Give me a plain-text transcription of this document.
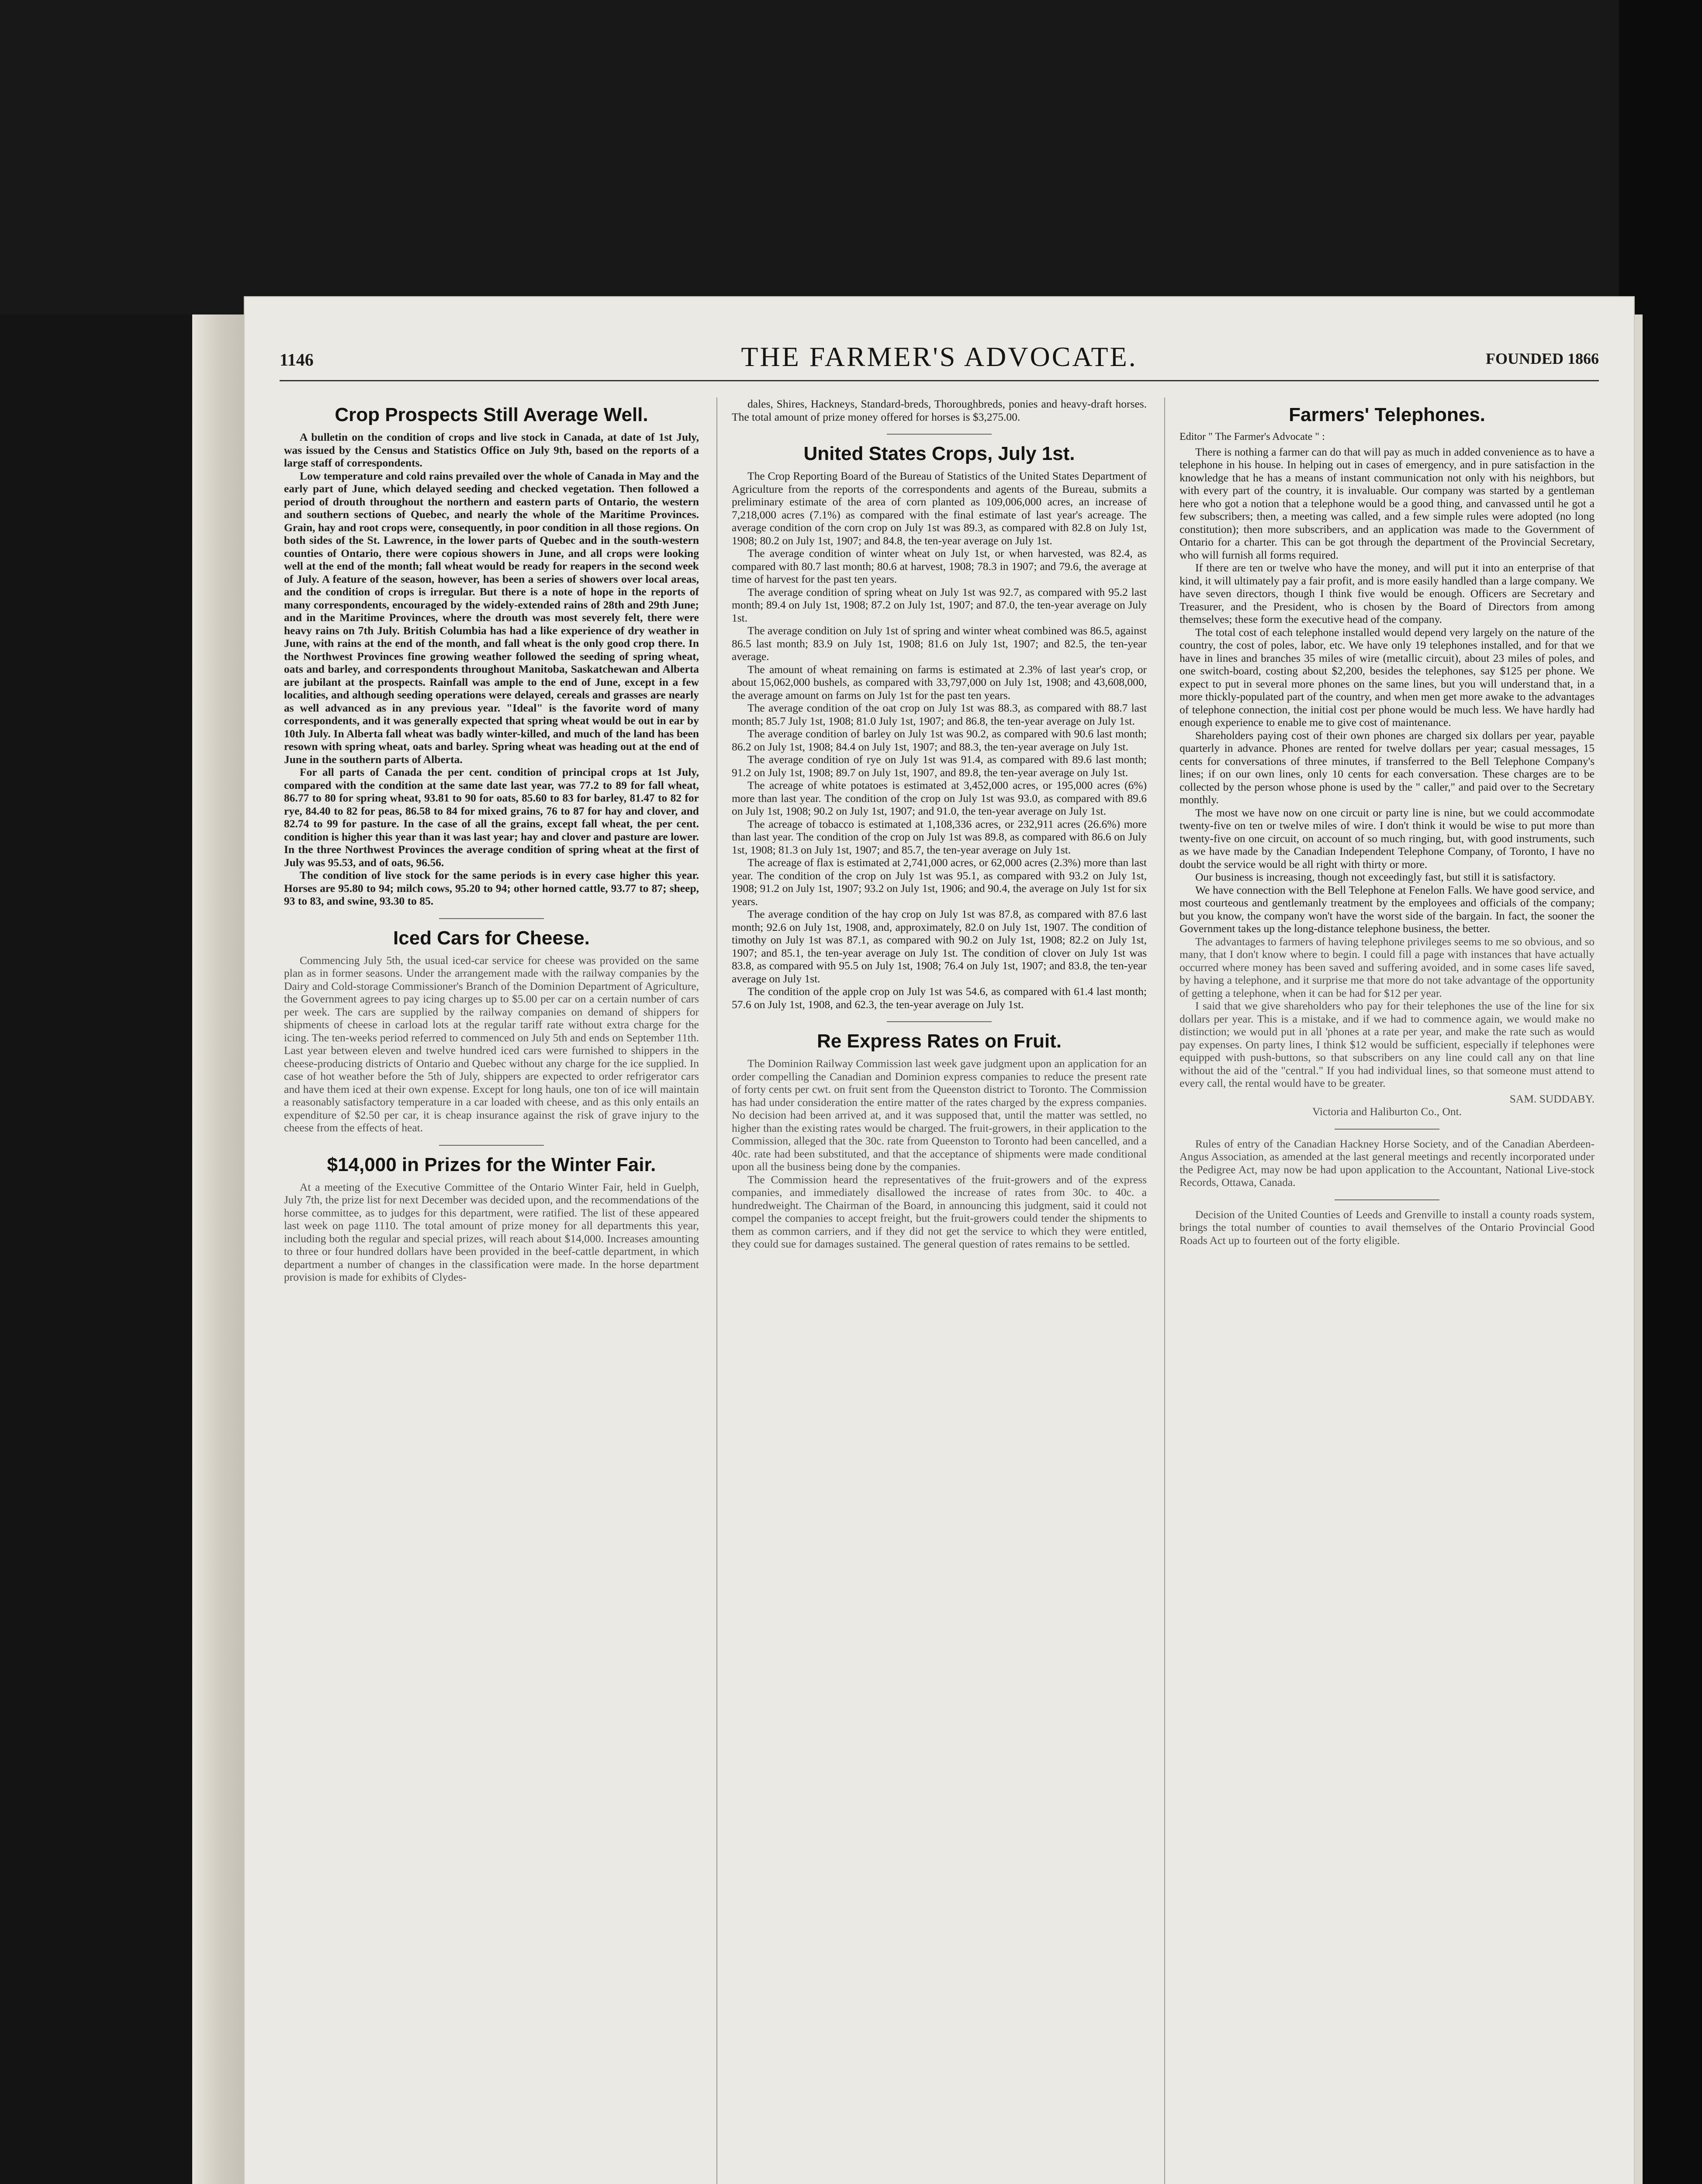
1146	THE FARMER'S ADVOCATE.	FOUNDED 1866
Crop Prospects Still Average Well.

A bulletin on the condition of crops and live stock in Canada, at date of 1st July, was issued by the Census and Statistics Office on July 9th, based on the reports of a large staff of correspondents.

Low temperature and cold rains prevailed over the whole of Canada in May and the early part of June, which delayed seeding and checked vegetation. Then followed a period of drouth throughout the northern and eastern parts of Ontario, the western and southern sections of Quebec, and nearly the whole of the Maritime Provinces. Grain, hay and root crops were, consequently, in poor condition in all those regions. On both sides of the St. Lawrence, in the lower parts of Quebec and in the south-western counties of Ontario, there were copious showers in June, and all crops were looking well at the end of the month; fall wheat would be ready for reapers in the second week of July. A feature of the season, however, has been a series of showers over local areas, and the condition of crops is irregular. But there is a note of hope in the reports of many correspondents, encouraged by the widely-extended rains of 28th and 29th June; and in the Maritime Provinces, where the drouth was most severely felt, there were heavy rains on 7th July. British Columbia has had a like experience of dry weather in June, with rains at the end of the month, and fall wheat is the only good crop there. In the Northwest Provinces fine growing weather followed the seeding of spring wheat, oats and barley, and correspondents throughout Manitoba, Saskatchewan and Alberta are jubilant at the prospects. Rainfall was ample to the end of June, except in a few localities, and although seeding operations were delayed, cereals and grasses are nearly as well advanced as in any previous year. "Ideal" is the favorite word of many correspondents, and it was generally expected that spring wheat would be out in ear by 10th July. In Alberta fall wheat was badly winter-killed, and much of the land has been resown with spring wheat, oats and barley. Spring wheat was heading out at the end of June in the southern parts of Alberta.

For all parts of Canada the per cent. condition of principal crops at 1st July, compared with the condition at the same date last year, was 77.2 to 89 for fall wheat, 86.77 to 80 for spring wheat, 93.81 to 90 for oats, 85.60 to 83 for barley, 81.47 to 82 for rye, 84.40 to 82 for peas, 86.58 to 84 for mixed grains, 76 to 87 for hay and clover, and 82.74 to 99 for pasture. In the case of all the grains, except fall wheat, the per cent. condition is higher this year than it was last year; hay and clover and pasture are lower. In the three Northwest Provinces the average condition of spring wheat at the first of July was 95.53, and of oats, 96.56.

The condition of live stock for the same periods is in every case higher this year. Horses are 95.80 to 94; milch cows, 95.20 to 94; other horned cattle, 93.77 to 87; sheep, 93 to 83, and swine, 93.30 to 85.

Iced Cars for Cheese.

Commencing July 5th, the usual iced-car service for cheese was provided on the same plan as in former seasons. Under the arrangement made with the railway companies by the Dairy and Cold-storage Commissioner's Branch of the Dominion Department of Agriculture, the Government agrees to pay icing charges up to $5.00 per car on a certain number of cars per week. The cars are supplied by the railway companies on demand of shippers for shipments of cheese in carload lots at the regular tariff rate without extra charge for the icing. The ten-weeks period referred to commenced on July 5th and ends on September 11th. Last year between eleven and twelve hundred iced cars were furnished to shippers in the cheese-producing districts of Ontario and Quebec without any charge for the ice supplied. In case of hot weather before the 5th of July, shippers are expected to order refrigerator cars and have them iced at their own expense. Except for long hauls, one ton of ice will maintain a reasonably satisfactory temperature in a car loaded with cheese, and as this only entails an expenditure of $2.50 per car, it is cheap insurance against the risk of grave injury to the cheese from the effects of heat.

$14,000 in Prizes for the Winter Fair.

At a meeting of the Executive Committee of the Ontario Winter Fair, held in Guelph, July 7th, the prize list for next December was decided upon, and the recommendations of the horse committee, as to judges for this department, were ratified. The list of these appeared last week on page 1110. The total amount of prize money for all departments this year, including both the regular and special prizes, will reach about $14,000. Increases amounting to three or four hundred dollars have been provided in the beef-cattle department, in which department a number of changes in the classification were made. In the horse department provision is made for exhibits of Clydes-

dales, Shires, Hackneys, Standard-breds, Thoroughbreds, ponies and heavy-draft horses. The total amount of prize money offered for horses is $3,275.00.

United States Crops, July 1st.

The Crop Reporting Board of the Bureau of Statistics of the United States Department of Agriculture from the reports of the correspondents and agents of the Bureau, submits a preliminary estimate of the area of corn planted as 109,006,000 acres, an increase of 7,218,000 acres (7.1%) as compared with the final estimate of last year's acreage. The average condition of the corn crop on July 1st was 89.3, as compared with 82.8 on July 1st, 1908; 80.2 on July 1st, 1907; and 84.8, the ten-year average on July 1st.

The average condition of winter wheat on July 1st, or when harvested, was 82.4, as compared with 80.7 last month; 80.6 at harvest, 1908; 78.3 in 1907; and 79.6, the average at time of harvest for the past ten years.

The average condition of spring wheat on July 1st was 92.7, as compared with 95.2 last month; 89.4 on July 1st, 1908; 87.2 on July 1st, 1907; and 87.0, the ten-year average on July 1st.

The average condition on July 1st of spring and winter wheat combined was 86.5, against 86.5 last month; 83.9 on July 1st, 1908; 81.6 on July 1st, 1907; and 82.5, the ten-year average.

The amount of wheat remaining on farms is estimated at 2.3% of last year's crop, or about 15,062,000 bushels, as compared with 33,797,000 on July 1st, 1908; and 43,608,000, the average amount on farms on July 1st for the past ten years.

The average condition of the oat crop on July 1st was 88.3, as compared with 88.7 last month; 85.7 July 1st, 1908; 81.0 July 1st, 1907; and 86.8, the ten-year average on July 1st.

The average condition of barley on July 1st was 90.2, as compared with 90.6 last month; 86.2 on July 1st, 1908; 84.4 on July 1st, 1907; and 88.3, the ten-year average on July 1st.

The average condition of rye on July 1st was 91.4, as compared with 89.6 last month; 91.2 on July 1st, 1908; 89.7 on July 1st, 1907, and 89.8, the ten-year average on July 1st.

The acreage of white potatoes is estimated at 3,452,000 acres, or 195,000 acres (6%) more than last year. The condition of the crop on July 1st was 93.0, as compared with 89.6 on July 1st, 1908; 90.2 on July 1st, 1907; and 91.0, the ten-year average on July 1st.

The acreage of tobacco is estimated at 1,108,336 acres, or 232,911 acres (26.6%) more than last year. The condition of the crop on July 1st was 89.8, as compared with 86.6 on July 1st, 1908; 81.3 on July 1st, 1907; and 85.7, the ten-year average on July 1st.

The acreage of flax is estimated at 2,741,000 acres, or 62,000 acres (2.3%) more than last year. The condition of the crop on July 1st was 95.1, as compared with 93.2 on July 1st, 1908; 91.2 on July 1st, 1907; 93.2 on July 1st, 1906; and 90.4, the average on July 1st for six years.

The average condition of the hay crop on July 1st was 87.8, as compared with 87.6 last month; 92.6 on July 1st, 1908, and, approximately, 82.0 on July 1st, 1907. The condition of timothy on July 1st was 87.1, as compared with 90.2 on July 1st, 1908; 82.2 on July 1st, 1907; and 85.1, the ten-year average on July 1st. The condition of clover on July 1st was 83.8, as compared with 95.5 on July 1st, 1908; 76.4 on July 1st, 1907; and 83.8, the ten-year average on July 1st.

The condition of the apple crop on July 1st was 54.6, as compared with 61.4 last month; 57.6 on July 1st, 1908, and 62.3, the ten-year average on July 1st.

Re Express Rates on Fruit.

The Dominion Railway Commission last week gave judgment upon an application for an order compelling the Canadian and Dominion express companies to reduce the present rate of forty cents per cwt. on fruit sent from the Queenston district to Toronto. The Commission has had under consideration the entire matter of the rates charged by the express companies. No decision had been arrived at, and it was supposed that, until the matter was settled, no higher than the existing rates would be charged. The fruit-growers, in their application to the Commission, alleged that the 30c. rate from Queenston to Toronto had been cancelled, and a 40c. rate had been substituted, and that the acceptance of shipments were made conditional upon all the business being done by the companies.

The Commission heard the representatives of the fruit-growers and of the express companies, and immediately disallowed the increase of rates from 30c. to 40c. a hundredweight. The Chairman of the Board, in announcing this judgment, said it could not compel the companies to accept freight, but the fruit-growers could tender the shipments to them as common carriers, and if they did not get the service to which they were entitled, they could sue for damages sustained. The general question of rates remains to be settled.

Farmers' Telephones.

Editor " The Farmer's Advocate " :

There is nothing a farmer can do that will pay as much in added convenience as to have a telephone in his house. In helping out in cases of emergency, and in pure satisfaction in the knowledge that he has a means of instant communication not only with his neighbors, but with every part of the country, it is invaluable. Our company was started by a gentleman here who got a notion that a telephone would be a good thing, and canvassed until he got a few subscribers; then, a meeting was called, and a few simple rules were adopted (no long constitution); then more subscribers, and an application was made to the Government of Ontario for a charter. This can be got through the department of the Provincial Secretary, who will furnish all forms required.

If there are ten or twelve who have the money, and will put it into an enterprise of that kind, it will ultimately pay a fair profit, and is more easily handled than a large company. We have seven directors, though I think five would be enough. Officers are Secretary and Treasurer, and the President, who is chosen by the Board of Directors from among themselves; these form the executive head of the company.

The total cost of each telephone installed would depend very largely on the nature of the country, the cost of poles, labor, etc. We have only 19 telephones installed, and for that we have in lines and branches 35 miles of wire (metallic circuit), about 23 miles of poles, and one switch-board, costing about $2,200, besides the telephones, say $125 per phone. We expect to put in several more phones on the same lines, but you will understand that, in a more thickly-populated part of the country, and when men get more awake to the advantages of telephone connection, the initial cost per phone would be much less. We have hardly had enough experience to enable me to give cost of maintenance.

Shareholders paying cost of their own phones are charged six dollars per year, payable quarterly in advance. Phones are rented for twelve dollars per year; casual messages, 15 cents for conversations of three minutes, if transferred to the Bell Telephone Company's lines; if on our own lines, only 10 cents for each conversation. These charges are to be collected by the person whose phone is used by the " caller," and paid over to the Secretary monthly.

The most we have now on one circuit or party line is nine, but we could accommodate twenty-five on ten or twelve miles of wire. I don't think it would be wise to put more than twenty-five on one circuit, on account of so much ringing, but, with good instruments, such as we have made by the Canadian Independent Telephone Company, of Toronto, I have no doubt the service would be all right with thirty or more.

Our business is increasing, though not exceedingly fast, but still it is satisfactory.

We have connection with the Bell Telephone at Fenelon Falls. We have good service, and most courteous and gentlemanly treatment by the employees and officials of the company; but you know, the company won't have the worst side of the bargain. In fact, the sooner the Government takes up the long-distance telephone business, the better.

The advantages to farmers of having telephone privileges seems to me so obvious, and so many, that I don't know where to begin. I could fill a page with instances that have actually occurred where money has been saved and suffering avoided, and in some cases life saved, by having a telephone, and it surprise me that more do not take advantage of the opportunity of getting a telephone, when it can be had for $12 per year.

I said that we give shareholders who pay for their telephones the use of the line for six dollars per year. This is a mistake, and if we had to commence again, we would make no distinction; we would put in all 'phones at a rate per year, and make the rate such as would pay expenses. On party lines, I think $12 would be sufficient, especially if telephones were equipped with push-buttons, so that subscribers on any line could call any on that line without the aid of the "central." If you had individual lines, so that someone must attend to every call, the rental would have to be greater.

SAM. SUDDABY.

Victoria and Haliburton Co., Ont.

Rules of entry of the Canadian Hackney Horse Society, and of the Canadian Aberdeen-Angus Association, as amended at the last general meetings and recently incorporated under the Pedigree Act, may now be had upon application to the Accountant, National Live-stock Records, Ottawa, Canada.

Decision of the United Counties of Leeds and Grenville to install a county roads system, brings the total number of counties to avail themselves of the Ontario Provincial Good Roads Act up to fourteen out of the forty eligible.
